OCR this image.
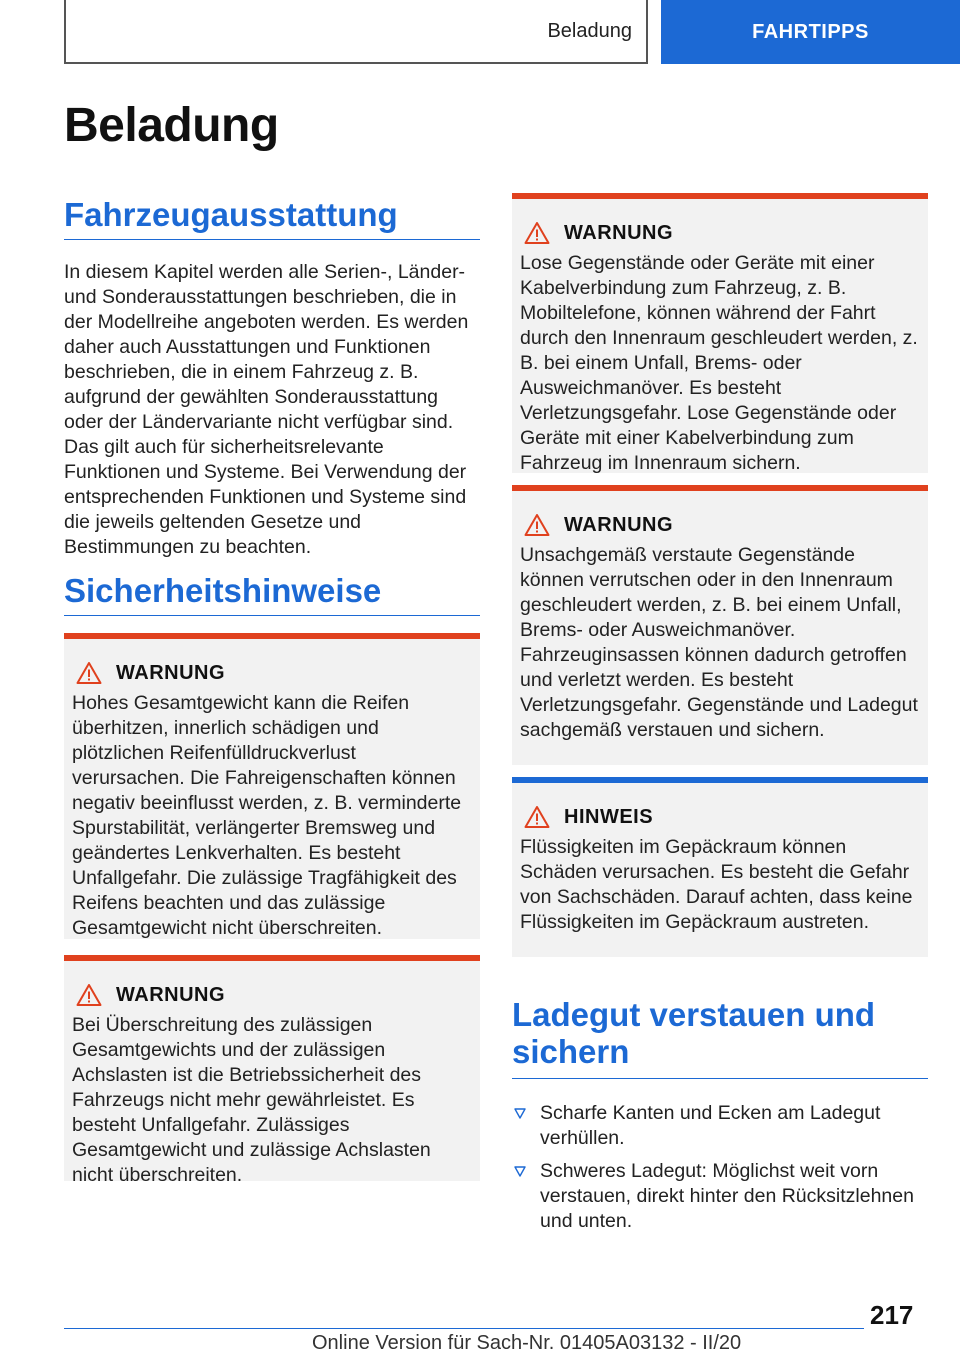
Beladung	FAHRTIPPS
Beladung
Fahrzeugausstattung

In diesem Kapitel werden alle Serien-, Länder- und Sonderausstattungen beschrieben, die in der Modellreihe angeboten werden. Es werden daher auch Ausstattungen und Funktionen beschrieben, die in einem Fahrzeug z. B. aufgrund der gewählten Sonderausstattung oder der Ländervariante nicht verfügbar sind. Das gilt auch für sicherheitsrelevante Funktionen und Systeme. Bei Verwendung der entsprechenden Funktionen und Systeme sind die jeweils geltenden Gesetze und Bestimmungen zu beachten.

Sicherheitshinweise
WARNUNG

Hohes Gesamtgewicht kann die Reifen überhitzen, innerlich schädigen und plötzlichen Reifenfülldruckverlust verursachen. Die Fahreigenschaften können negativ beeinflusst werden, z. B. verminderte Spurstabilität, verlängerter Bremsweg und geändertes Lenkverhalten. Es besteht Unfallgefahr. Die zulässige Tragfähigkeit des Reifens beachten und das zulässige Gesamtgewicht nicht überschreiten.

WARNUNG

Bei Überschreitung des zulässigen Gesamtgewichts und der zulässigen Achslasten ist die Betriebssicherheit des Fahrzeugs nicht mehr gewährleistet. Es besteht Unfallgefahr. Zulässiges Gesamtgewicht und zulässige Achslasten nicht überschreiten.

WARNUNG

Lose Gegenstände oder Geräte mit einer Kabelverbindung zum Fahrzeug, z. B. Mobiltelefone, können während der Fahrt durch den Innenraum geschleudert werden, z. B. bei einem Unfall, Brems- oder Ausweichmanöver. Es besteht Verletzungsgefahr. Lose Gegenstände oder Geräte mit einer Kabelverbindung zum Fahrzeug im Innenraum sichern.

WARNUNG

Unsachgemäß verstaute Gegenstände können verrutschen oder in den Innenraum geschleudert werden, z. B. bei einem Unfall, Brems- oder Ausweichmanöver. Fahrzeuginsassen können dadurch getroffen und verletzt werden. Es besteht Verletzungsgefahr. Gegenstände und Ladegut sachgemäß verstauen und sichern.

HINWEIS

Flüssigkeiten im Gepäckraum können Schäden verursachen. Es besteht die Gefahr von Sachschäden. Darauf achten, dass keine Flüssigkeiten im Gepäckraum austreten.

Ladegut verstauen und sichern
Scharfe Kanten und Ecken am Ladegut verhüllen.
Schweres Ladegut: Möglichst weit vorn verstauen, direkt hinter den Rücksitzlehnen und unten.
217
Online Version für Sach-Nr. 01405A03132 - II/20
